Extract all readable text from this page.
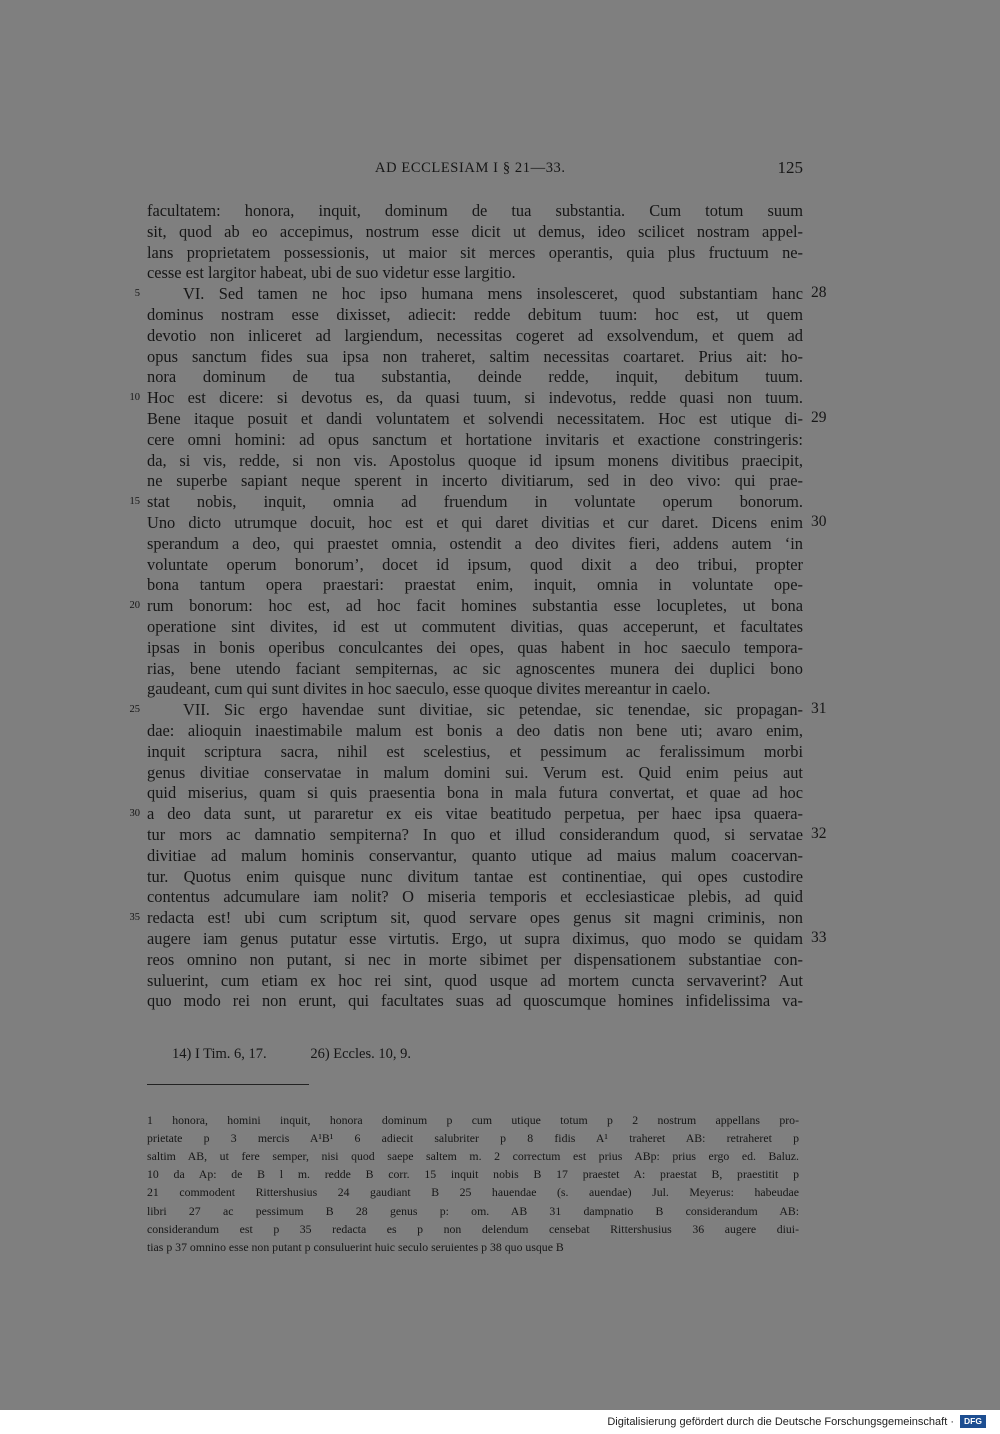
AD ECCLESIAM I § 21—33.	125
facultatem: honora, inquit, dominum de tua substantia. Cum totum suum
sit, quod ab eo accepimus, nostrum esse dicit ut demus, ideo scilicet nostram appel-
lans proprietatem possessionis, ut maior sit merces operantis, quia plus fructuum ne-
cesse est largitor habeat, ubi de suo videtur esse largitio.
VI. Sed tamen ne hoc ipso humana mens insolesceret, quod substantiam hanc
dominus nostram esse dixisset, adiecit: redde debitum tuum: hoc est, ut quem
devotio non inliceret ad largiendum, necessitas cogeret ad exsolvendum, et quem ad
opus sanctum fides sua ipsa non traheret, saltim necessitas coartaret. Prius ait: ho-
nora dominum de tua substantia, deinde redde, inquit, debitum tuum.
Hoc est dicere: si devotus es, da quasi tuum, si indevotus, redde quasi non tuum.
Bene itaque posuit et dandi voluntatem et solvendi necessitatem. Hoc est utique di-
cere omni homini: ad opus sanctum et hortatione invitaris et exactione constringeris:
da, si vis, redde, si non vis. Apostolus quoque id ipsum monens divitibus praecipit,
ne superbe sapiant neque sperent in incerto divitiarum, sed in deo vivo: qui prae-
stat nobis, inquit, omnia ad fruendum in voluntate operum bonorum.
Uno dicto utrumque docuit, hoc est et qui daret divitias et cur daret. Dicens enim
sperandum a deo, qui praestet omnia, ostendit a deo divites fieri, addens autem ‘in
voluntate operum bonorum’, docet id ipsum, quod dixit a deo tribui, propter
bona tantum opera praestari: praestat enim, inquit, omnia in voluntate ope-
rum bonorum: hoc est, ad hoc facit homines substantia esse locupletes, ut bona
operatione sint divites, id est ut commutent divitias, quas acceperunt, et facultates
ipsas in bonis operibus conculcantes dei opes, quas habent in hoc saeculo tempora-
rias, bene utendo faciant sempiternas, ac sic agnoscentes munera dei duplici bono
gaudeant, cum qui sunt divites in hoc saeculo, esse quoque divites mereantur in caelo.
VII. Sic ergo havendae sunt divitiae, sic petendae, sic tenendae, sic propagan-
dae: alioquin inaestimabile malum est bonis a deo datis non bene uti; avaro enim,
inquit scriptura sacra, nihil est scelestius, et pessimum ac feralissimum morbi
genus divitiae conservatae in malum domini sui. Verum est. Quid enim peius aut
quid miserius, quam si quis praesentia bona in mala futura convertat, et quae ad hoc
a deo data sunt, ut pararetur ex eis vitae beatitudo perpetua, per haec ipsa quaera-
tur mors ac damnatio sempiterna? In quo et illud considerandum quod, si servatae
divitiae ad malum hominis conservantur, quanto utique ad maius malum coacervan-
tur. Quotus enim quisque nunc divitum tantae est continentiae, qui opes custodire
contentus adcumulare iam nolit? O miseria temporis et ecclesiasticae plebis, ad quid
redacta est! ubi cum scriptum sit, quod servare opes genus sit magni criminis, non
augere iam genus putatur esse virtutis. Ergo, ut supra diximus, quo modo se quidam
reos omnino non putant, si nec in morte sibimet per dispensationem substantiae con-
suluerint, cum etiam ex hoc rei sint, quod usque ad mortem cuncta servaverint? Aut
quo modo rei non erunt, qui facultates suas ad quoscumque homines infidelissima va-
5
10
15
20
25
30
35
28
29
30
31
32
33
14) I Tim. 6, 17.	26) Eccles. 10, 9.
1 honora, homini inquit, honora dominum p cum utique totum p 2 nostrum appellans pro-
prietate p 3 mercis A¹B¹ 6 adiecit salubriter p 8 fidis A¹ traheret AB: retraheret p
saltim AB, ut fere semper, nisi quod saepe saltem m. 2 correctum est prius ABp: prius ergo ed. Baluz.
10 da Ap: de B l m. redde B corr. 15 inquit nobis B 17 praestet A: praestat B, praestitit p
21 commodent Rittershusius 24 gaudiant B 25 hauendae (s. auendae) Jul. Meyerus: habeudae
libri 27 ac pessimum B 28 genus p: om. AB 31 dampnatio B considerandum AB:
considerandum est p 35 redacta es p non delendum censebat Rittershusius 36 augere diui-
tias p 37 omnino esse non putant p consuluerint huic seculo seruientes p 38 quo usque B
Digitalisierung gefördert durch die Deutsche Forschungsgemeinschaft ·	DFG
